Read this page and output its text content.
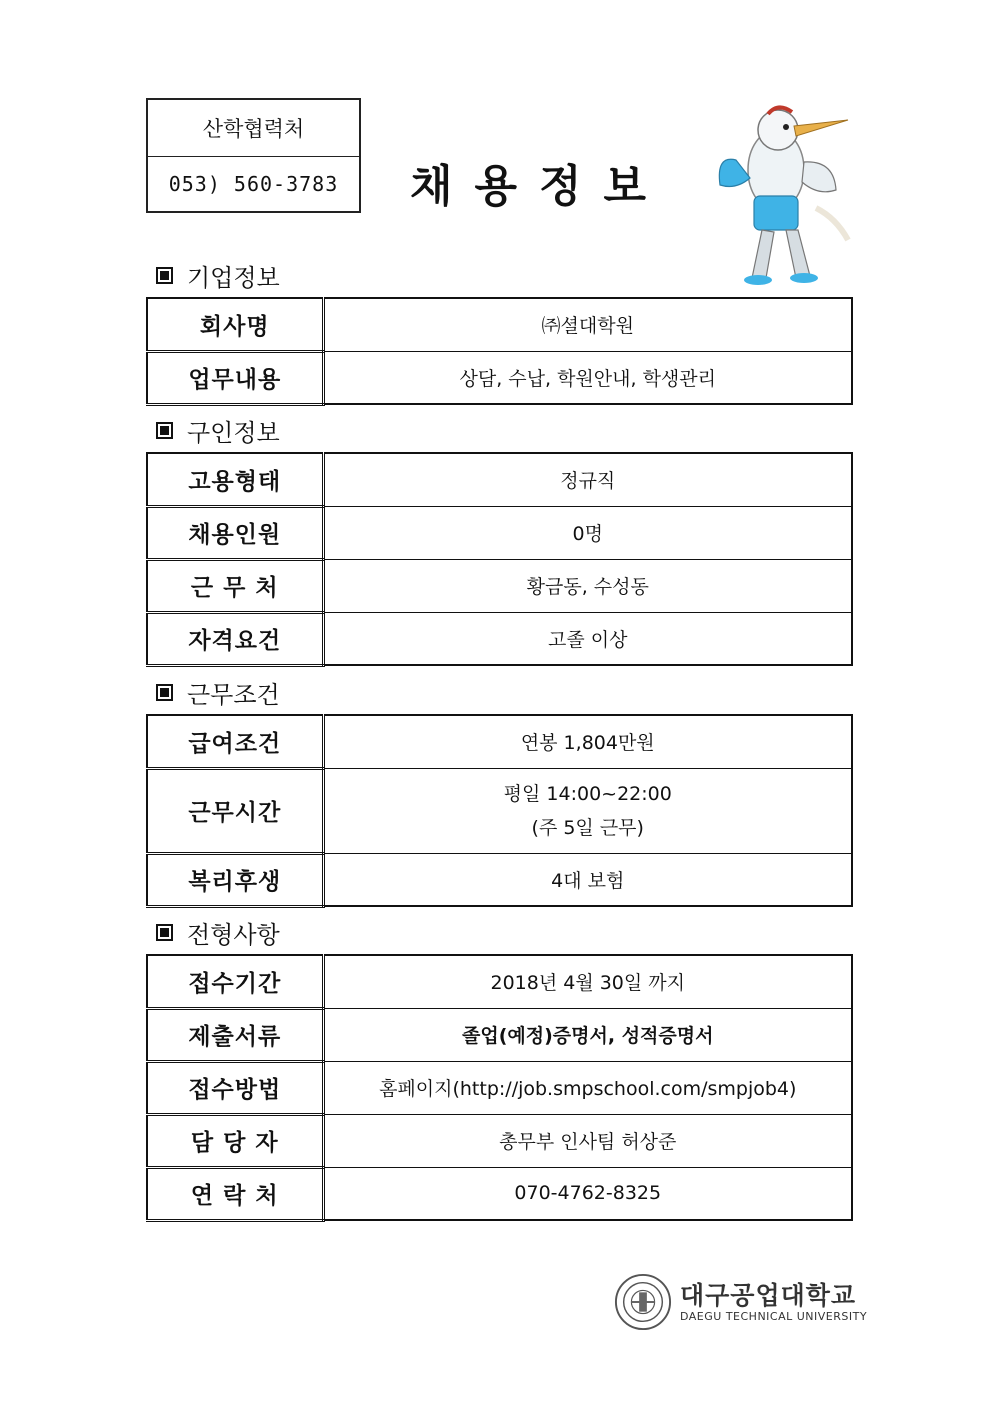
산학협력처
053) 560-3783	채용정보
기업정보
회사명	㈜셜대학원
업무내용	상담, 수납, 학원안내, 학생관리
구인정보
고용형태	정규직
채용인원	0명
근 무 처	황금동, 수성동
자격요건	고졸 이상
근무조건
급여조건	연봉 1,804만원
근무시간	평일 14:00~22:00
(주 5일 근무)

복리후생	4대 보험
전형사항
접수기간	2018년 4월 30일 까지
제출서류	졸업(예정)증명서, 성적증명서
접수방법	홈페이지(http://job.smpschool.com/smpjob4)
담 당 자	총무부 인사팀 허상준
연 락 처	070-4762-8325
대구공업대학교
DAEGU TECHNICAL UNIVERSITY
